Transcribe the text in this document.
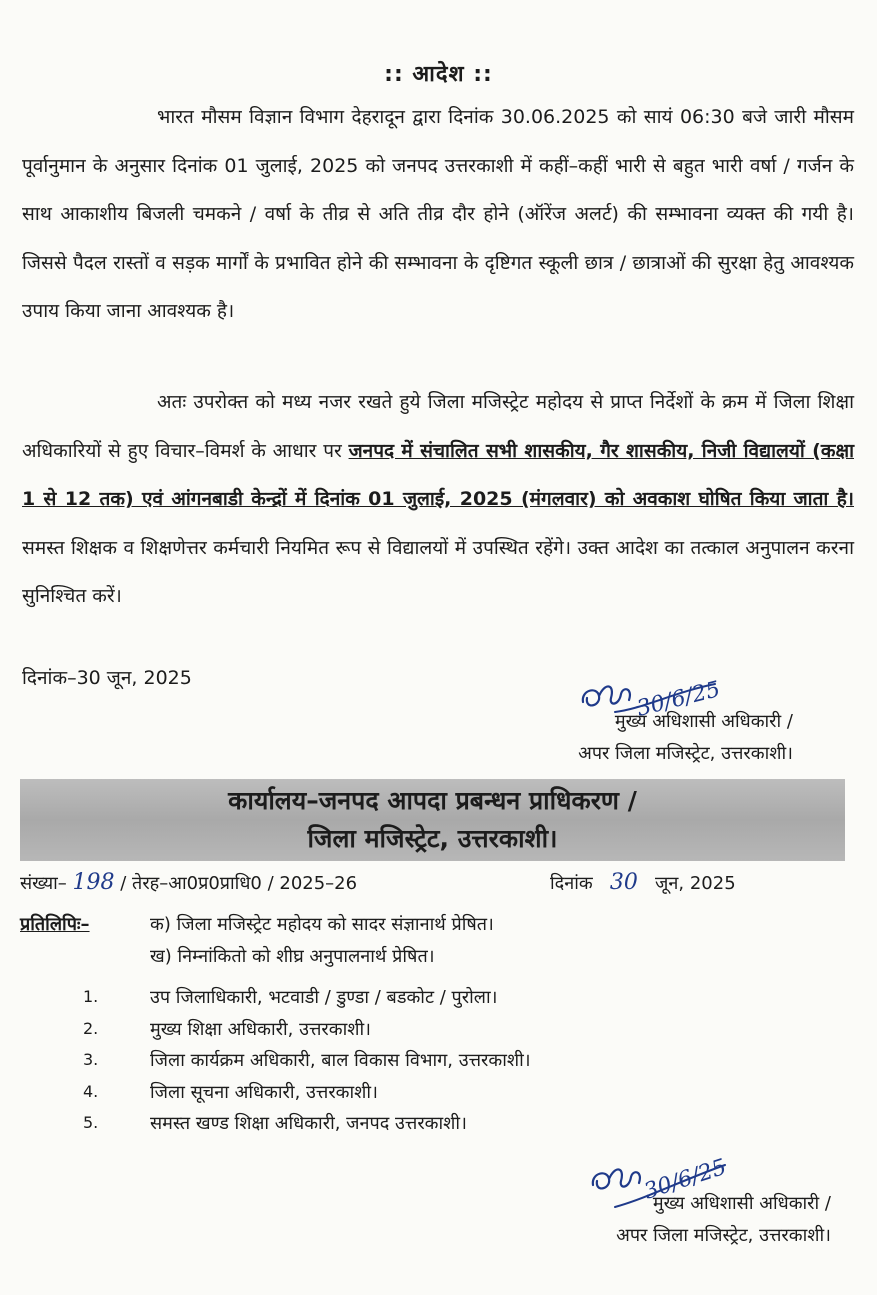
:: आदेश ::

भारत मौसम विज्ञान विभाग देहरादून द्वारा दिनांक 30.06.2025 को सायं 06:30 बजे जारी मौसम पूर्वानुमान के अनुसार दिनांक 01 जुलाई, 2025 को जनपद उत्तरकाशी में कहीं–कहीं भारी से बहुत भारी वर्षा / गर्जन के साथ आकाशीय बिजली चमकने / वर्षा के तीव्र से अति तीव्र दौर होने (ऑरेंज अलर्ट) की सम्भावना व्यक्त की गयी है। जिससे पैदल रास्तों व सड़क मार्गों के प्रभावित होने की सम्भावना के दृष्टिगत स्कूली छात्र / छात्राओं की सुरक्षा हेतु आवश्यक उपाय किया जाना आवश्यक है।

अतः उपरोक्त को मध्य नजर रखते हुये जिला मजिस्ट्रेट महोदय से प्राप्त निर्देशों के क्रम में जिला शिक्षा अधिकारियों से हुए विचार–विमर्श के आधार पर जनपद में संचालित सभी शासकीय, गैर शासकीय, निजी विद्यालयों (कक्षा 1 से 12 तक) एवं आंगनबाडी केन्द्रों में दिनांक 01 जुलाई, 2025 (मंगलवार) को अवकाश घोषित किया जाता है। समस्त शिक्षक व शिक्षणेत्तर कर्मचारी नियमित रूप से विद्यालयों में उपस्थित रहेंगे। उक्त आदेश का तत्काल अनुपालन करना सुनिश्चित करें।

दिनांक–30 जून, 2025	30/6/25
मुख्य अधिशासी अधिकारी /
अपर जिला मजिस्ट्रेट, उत्तरकाशी।
कार्यालय–जनपद आपदा प्रबन्धन प्राधिकरण /
जिला मजिस्ट्रेट, उत्तरकाशी।
संख्या– 198 / तेरह–आ0प्र0प्राधि0 / 2025–26	दिनांक 30 जून, 2025
प्रतिलिपिः–	क) जिला मजिस्ट्रेट महोदय को सादर संज्ञानार्थ प्रेषित।
ख) निम्नांकितो को शीघ्र अनुपालनार्थ प्रेषित।
1.	उप जिलाधिकारी, भटवाडी / डुण्डा / बडकोट / पुरोला।
2.	मुख्य शिक्षा अधिकारी, उत्तरकाशी।
3.	जिला कार्यक्रम अधिकारी, बाल विकास विभाग, उत्तरकाशी।
4.	जिला सूचना अधिकारी, उत्तरकाशी।
5.	समस्त खण्ड शिक्षा अधिकारी, जनपद उत्तरकाशी।
30/6/25
मुख्य अधिशासी अधिकारी /
अपर जिला मजिस्ट्रेट, उत्तरकाशी।
